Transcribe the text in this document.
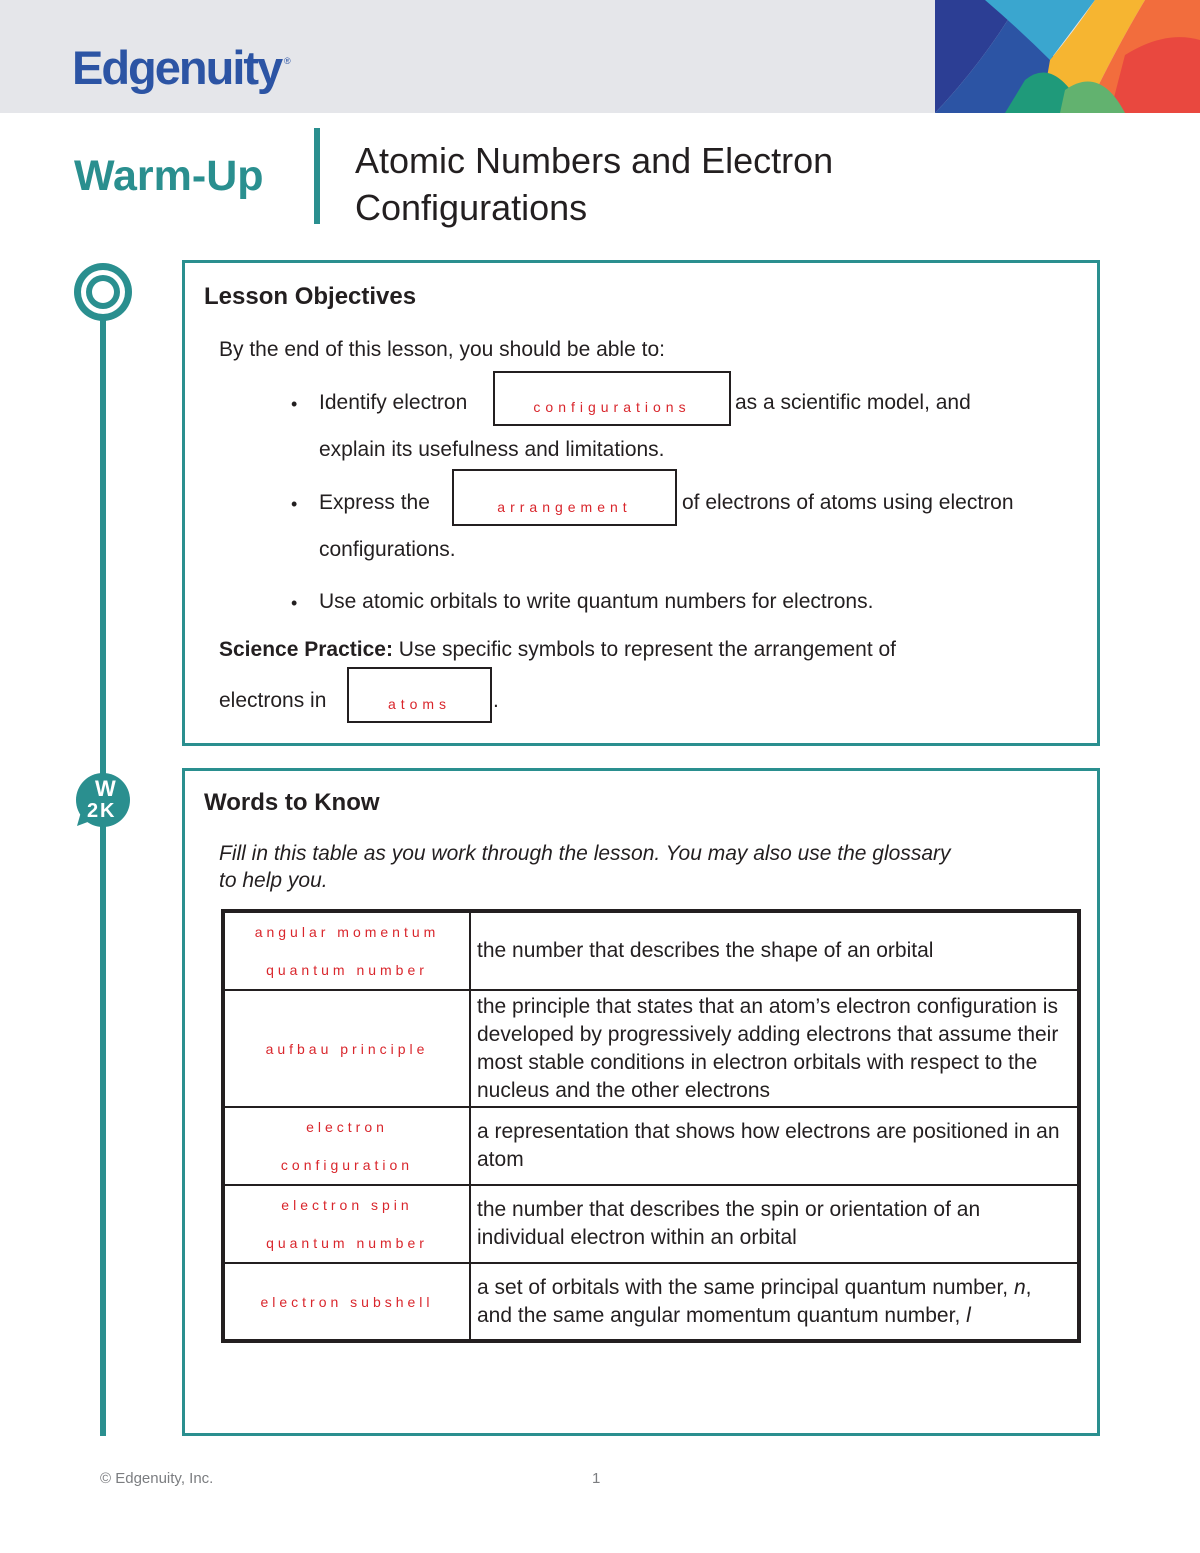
Edgenuity ®
Warm-Up	Atomic Numbers and Electron
Configurations
W
2 K
Lesson Objectives
By the end of this lesson, you should be able to:
• Identify electron	configurations	as a scientific model, and
explain its usefulness and limitations.
• Express the	arrangement	of electrons of atoms using electron
configurations.
• Use atomic orbitals to write quantum numbers for electrons.
Science Practice: Use specific symbols to represent the arrangement of
electrons in	atoms	.
Words to Know
Fill in this table as you work through the lesson. You may also use the glossary
to help you.
angular momentum
quantum number	the number that describes the shape of an orbital

aufbau principle	the principle that states that an atom’s electron configuration is developed by progressively adding electrons that assume their most stable conditions in electron orbitals with respect to the nucleus and the other electrons

electron
configuration	a representation that shows how electrons are positioned in an atom

electron spin
quantum number	the number that describes the spin or orientation of an individual electron within an orbital

electron subshell	a set of orbitals with the same principal quantum number, n, and the same angular momentum quantum number, l
© Edgenuity, Inc.	1
